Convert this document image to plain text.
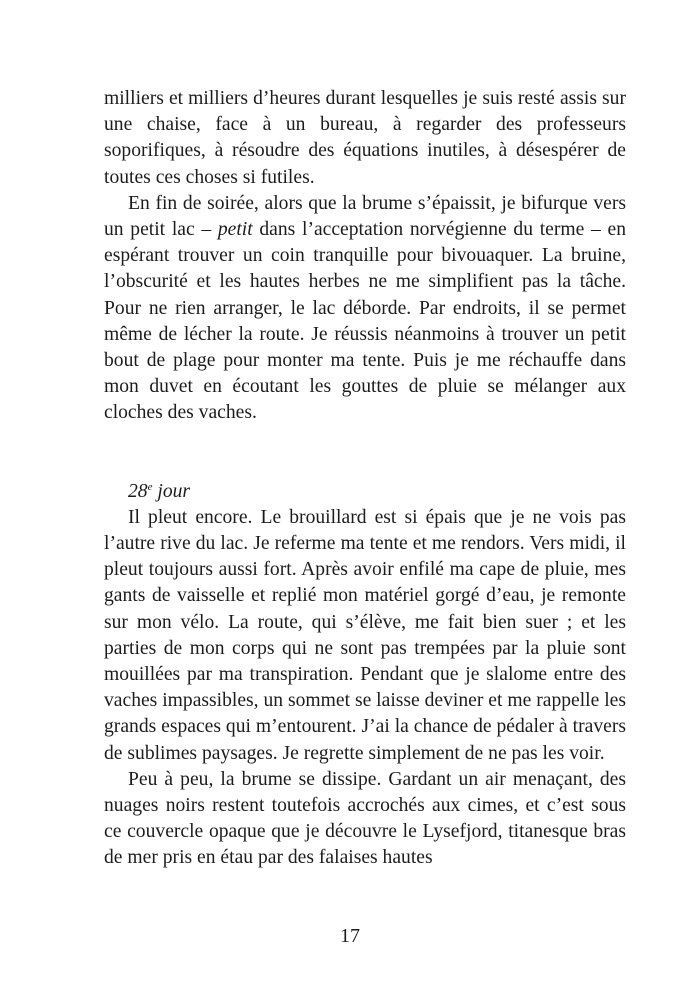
milliers et milliers d’heures durant lesquelles je suis resté assis sur une chaise, face à un bureau, à regarder des professeurs soporifiques, à résoudre des équations inutiles, à désespérer de toutes ces choses si futiles.

En fin de soirée, alors que la brume s’épaissit, je bifurque vers un petit lac – petit dans l’acceptation norvégienne du terme – en espérant trouver un coin tranquille pour bivouaquer. La bruine, l’obscurité et les hautes herbes ne me simplifient pas la tâche. Pour ne rien arranger, le lac déborde. Par endroits, il se permet même de lécher la route. Je réussis néanmoins à trouver un petit bout de plage pour monter ma tente. Puis je me réchauffe dans mon duvet en écoutant les gouttes de pluie se mélanger aux cloches des vaches.

28e jour

Il pleut encore. Le brouillard est si épais que je ne vois pas l’autre rive du lac. Je referme ma tente et me rendors. Vers midi, il pleut toujours aussi fort. Après avoir enfilé ma cape de pluie, mes gants de vaisselle et replié mon matériel gorgé d’eau, je remonte sur mon vélo. La route, qui s’élève, me fait bien suer ; et les parties de mon corps qui ne sont pas trempées par la pluie sont mouillées par ma transpiration. Pendant que je slalome entre des vaches impassibles, un sommet se laisse deviner et me rappelle les grands espaces qui m’entourent. J’ai la chance de pédaler à travers de sublimes paysages. Je regrette simplement de ne pas les voir.

Peu à peu, la brume se dissipe. Gardant un air menaçant, des nuages noirs restent toutefois accrochés aux cimes, et c’est sous ce couvercle opaque que je découvre le Lysefjord, titanesque bras de mer pris en étau par des falaises hautes

17
